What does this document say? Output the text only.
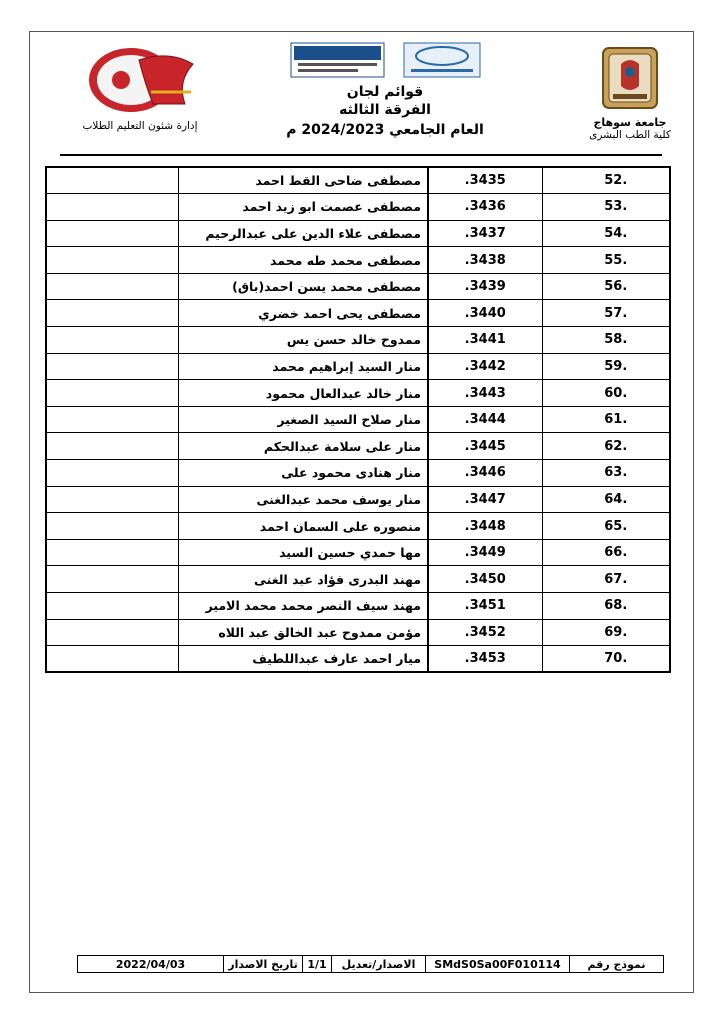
جامعة سوهاج
كلية الطب البشرى
قوائم لجان
الفرقة الثالثه
العام الجامعي 2024/2023 م
إدارة شئون التعليم الطلاب
.52	3435.	مصطفى ضاحى القط احمد	
.53	3436.	مصطفى عصمت ابو زيد احمد	
.54	3437.	مصطفى علاء الدين على عبدالرحيم	
.55	3438.	مصطفى محمد طه محمد	
.56	3439.	مصطفى محمد يسن احمد(باق)	
.57	3440.	مصطفى يحى احمد خضري	
.58	3441.	ممدوح خالد حسن يس	
.59	3442.	منار السيد إبراهيم محمد	
.60	3443.	منار خالد عبدالعال محمود	
.61	3444.	منار صلاح السيد الصغير	
.62	3445.	منار على سلامة عبدالحكم	
.63	3446.	منار هنادى محمود على	
.64	3447.	منار يوسف محمد عبدالغنى	
.65	3448.	منصوره على السمان احمد	
.66	3449.	مها حمدي حسين السيد	
.67	3450.	مهند البدرى فؤاد عبد الغنى	
.68	3451.	مهند سيف النصر محمد محمد الامير	
.69	3452.	مؤمن ممدوح عبد الخالق عبد اللاه	
.70	3453.	ميار احمد عارف عبداللطيف	
نموذج رقم
SMdS0Sa00F010114
الاصدار/تعديل
1/1
تاريخ الاصدار
2022/04/03
